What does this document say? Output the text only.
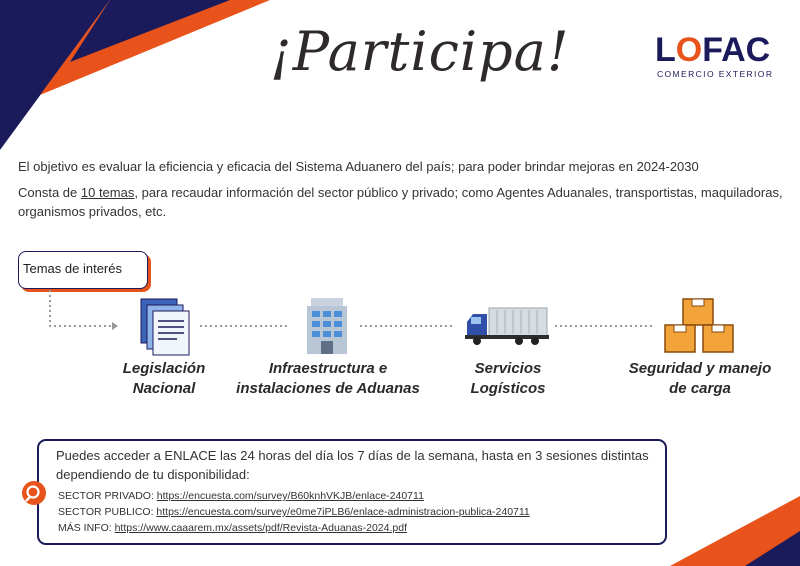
¡Participa!	LOFAC
COMERCIO EXTERIOR
El objetivo es evaluar la eficiencia y eficacia del Sistema Aduanero del país; para poder brindar mejoras en 2024-2030
Consta de 10 temas, para recaudar información del sector público y privado; como Agentes Aduanales, transportistas, maquiladoras, organismos privados, etc.
Temas de interés
Legislación
Nacional
Infraestructura e
instalaciones de Aduanas
Servicios
Logísticos
Seguridad y manejo
de carga
Puedes acceder a ENLACE las 24 horas del día los 7 días de la semana, hasta en 3 sesiones distintas dependiendo de tu disponibilidad:
SECTOR PRIVADO: https://encuesta.com/survey/B60knhVKJB/enlace-240711
SECTOR PUBLICO: https://encuesta.com/survey/e0me7iPLB6/enlace-administracion-publica-240711
MÁS INFO: https://www.caaarem.mx/assets/pdf/Revista-Aduanas-2024.pdf
